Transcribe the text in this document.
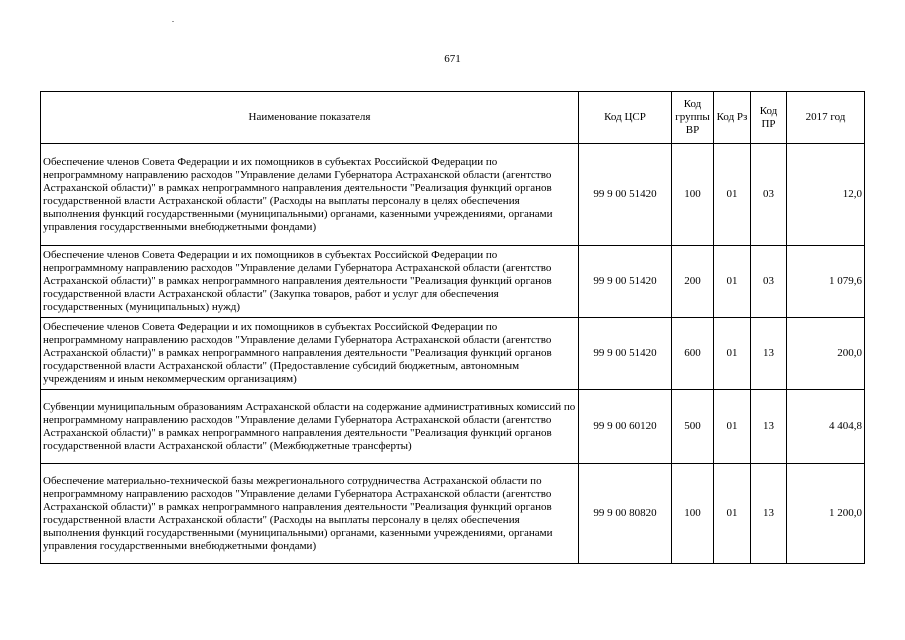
671
Наименование показателя	Код ЦСР	Код группы ВР	Код Рз	Код ПР	2017 год
Обеспечение членов Совета Федерации и их помощников в субъектах Российской Федерации по непрограммному направлению расходов "Управление делами Губернатора Астраханской области (агентство Астраханской области)" в рамках непрограммного направления деятельности "Реализация функций органов государственной власти Астраханской области" (Расходы на выплаты персоналу в целях обеспечения выполнения функций государственными (муниципальными) органами, казенными учреждениями, органами управления государственными внебюджетными фондами)	99 9 00 51420	100	01	03	12,0
Обеспечение членов Совета Федерации и их помощников в субъектах Российской Федерации по непрограммному направлению расходов "Управление делами Губернатора Астраханской области (агентство Астраханской области)" в рамках непрограммного направления деятельности "Реализация функций органов государственной власти Астраханской области" (Закупка товаров, работ и услуг для обеспечения государственных (муниципальных) нужд)	99 9 00 51420	200	01	03	1 079,6
Обеспечение членов Совета Федерации и их помощников в субъектах Российской Федерации по непрограммному направлению расходов "Управление делами Губернатора Астраханской области (агентство Астраханской области)" в рамках непрограммного направления деятельности "Реализация функций органов государственной власти Астраханской области" (Предоставление субсидий бюджетным, автономным учреждениям и иным некоммерческим организациям)	99 9 00 51420	600	01	13	200,0
Субвенции муниципальным образованиям Астраханской области на содержание административных комиссий по непрограммному направлению расходов "Управление делами Губернатора Астраханской области (агентство Астраханской области)" в рамках непрограммного направления деятельности "Реализация функций органов государственной власти Астраханской области" (Межбюджетные трансферты)	99 9 00 60120	500	01	13	4 404,8
Обеспечение материально-технической базы межрегионального сотрудничества Астраханской области по непрограммному направлению расходов "Управление делами Губернатора Астраханской области (агентство Астраханской области)" в рамках непрограммного направления деятельности "Реализация функций органов государственной власти Астраханской области" (Расходы на выплаты персоналу в целях обеспечения выполнения функций государственными (муниципальными) органами, казенными учреждениями, органами управления государственными внебюджетными фондами)	99 9 00 80820	100	01	13	1 200,0
